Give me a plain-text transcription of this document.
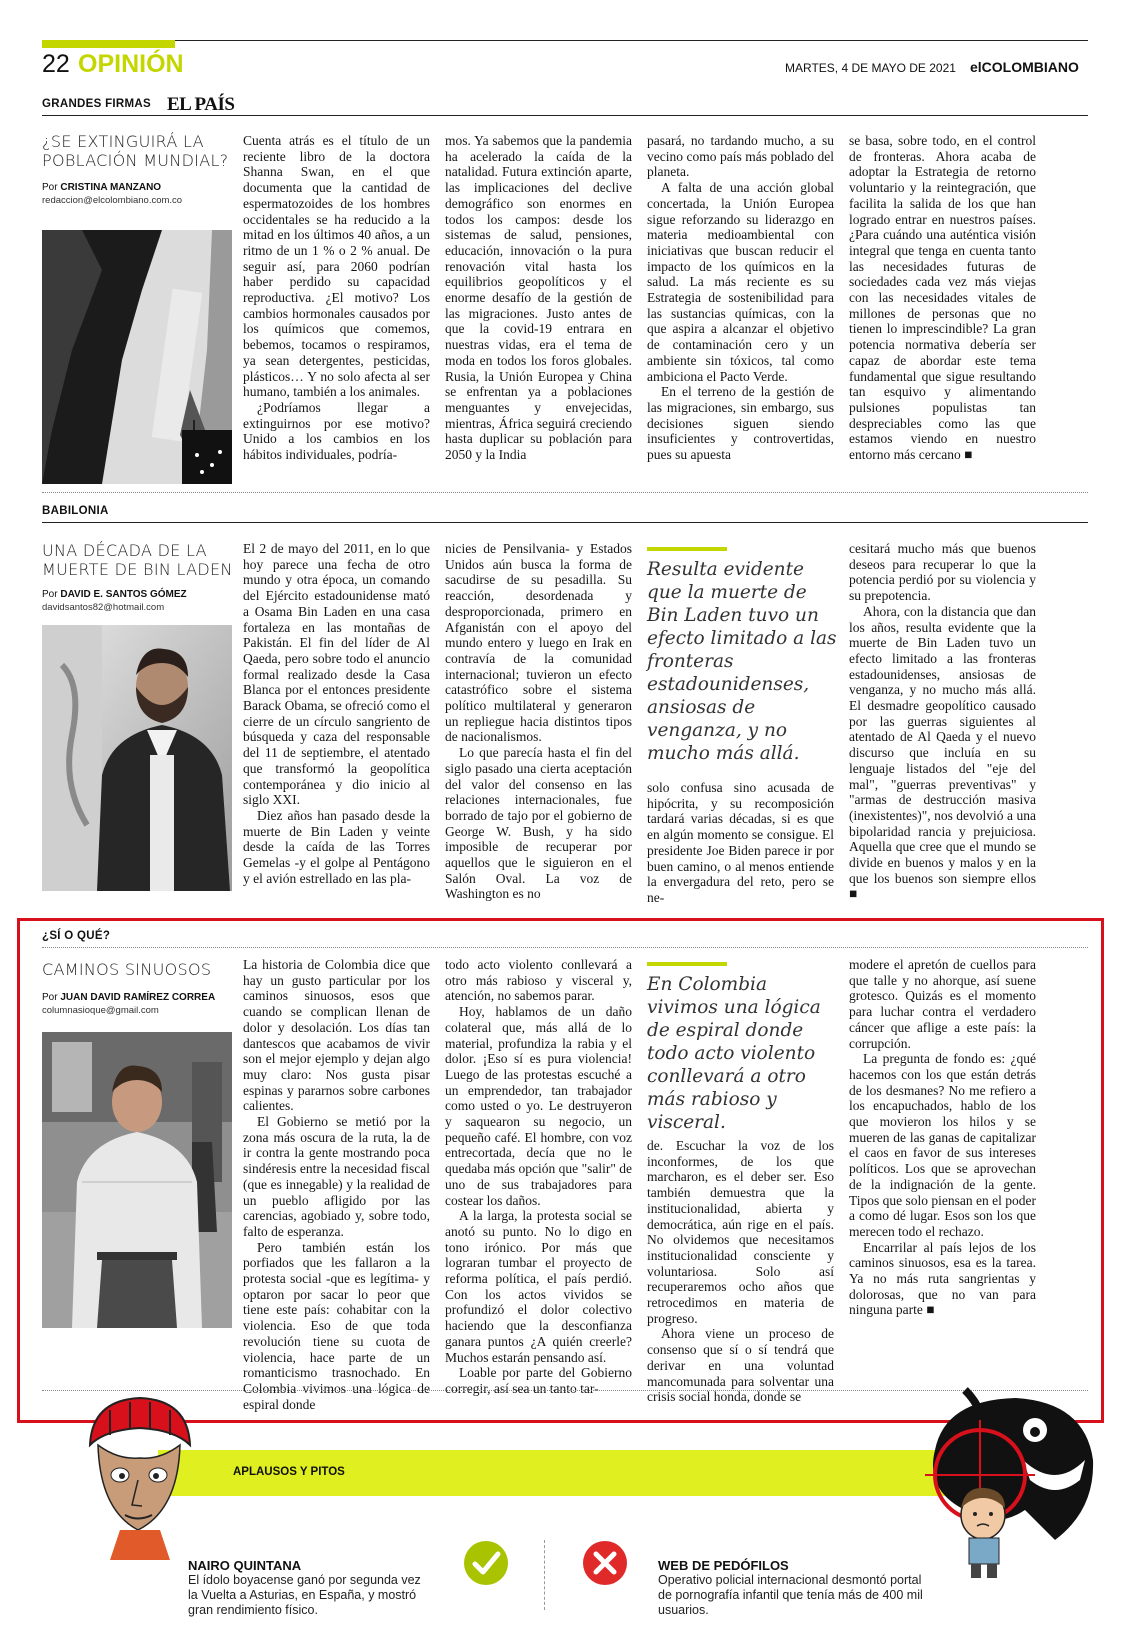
22 OPINIÓN	MARTES, 4 DE MAYO DE 2021 elCOLOMBIANO
GRANDES FIRMAS EL PAÍS
¿SE EXTINGUIRÁ LA
POBLACIÓN MUNDIAL?
Por CRISTINA MANZANO
redaccion@elcolombiano.com.co

Cuenta atrás es el título de un reciente libro de la doctora Shanna Swan, en el que documenta que la cantidad de espermatozoides de los hombres occidentales se ha reducido a la mitad en los últimos 40 años, a un ritmo de un 1 % o 2 % anual. De seguir así, para 2060 podrían haber perdido su capacidad reproductiva. ¿El motivo? Los cambios hormonales causados por los químicos que comemos, bebemos, tocamos o respiramos, ya sean detergentes, pesticidas, plásticos… Y no solo afecta al ser humano, también a los animales.

¿Podríamos llegar a extinguirnos por ese motivo? Unido a los cambios en los hábitos individuales, podría-

mos. Ya sabemos que la pandemia ha acelerado la caída de la natalidad. Futura extinción aparte, las implicaciones del declive demográfico son enormes en todos los campos: desde los sistemas de salud, pensiones, educación, innovación o la pura renovación vital hasta los equilibrios geopolíticos y el enorme desafío de la gestión de las migraciones. Justo antes de que la covid-19 entrara en nuestras vidas, era el tema de moda en todos los foros globales. Rusia, la Unión Europea y China se enfrentan ya a poblaciones menguantes y envejecidas, mientras, África seguirá creciendo hasta duplicar su población para 2050 y la India

pasará, no tardando mucho, a su vecino como país más poblado del planeta.

A falta de una acción global concertada, la Unión Europea sigue reforzando su liderazgo en materia medioambiental con iniciativas que buscan reducir el impacto de los químicos en la salud. La más reciente es su Estrategia de sostenibilidad para las sustancias químicas, con la que aspira a alcanzar el objetivo de contaminación cero y un ambiente sin tóxicos, tal como ambiciona el Pacto Verde.

En el terreno de la gestión de las migraciones, sin embargo, sus decisiones siguen siendo insuficientes y controvertidas, pues su apuesta

se basa, sobre todo, en el control de fronteras. Ahora acaba de adoptar la Estrategia de retorno voluntario y la reintegración, que facilita la salida de los que han logrado entrar en nuestros países. ¿Para cuándo una auténtica visión integral que tenga en cuenta tanto las necesidades futuras de sociedades cada vez más viejas con las necesidades vitales de millones de personas que no tienen lo imprescindible? La gran potencia normativa debería ser capaz de abordar este tema fundamental que sigue resultando tan esquivo y alimentando pulsiones populistas tan despreciables como las que estamos viendo en nuestro entorno más cercano ■

BABILONIA
UNA DÉCADA DE LA
MUERTE DE BIN LADEN
Por DAVID E. SANTOS GÓMEZ
davidsantos82@hotmail.com

El 2 de mayo del 2011, en lo que hoy parece una fecha de otro mundo y otra época, un comando del Ejército estadounidense mató a Osama Bin Laden en una casa fortaleza en las montañas de Pakistán. El fin del líder de Al Qaeda, pero sobre todo el anuncio formal realizado desde la Casa Blanca por el entonces presidente Barack Obama, se ofreció como el cierre de un círculo sangriento de búsqueda y caza del responsable del 11 de septiembre, el atentado que transformó la geopolítica contemporánea y dio inicio al siglo XXI.

Diez años han pasado desde la muerte de Bin Laden y veinte desde la caída de las Torres Gemelas -y el golpe al Pentágono y el avión estrellado en las pla-

nicies de Pensilvania- y Estados Unidos aún busca la forma de sacudirse de su pesadilla. Su reacción, desordenada y desproporcionada, primero en Afganistán con el apoyo del mundo entero y luego en Irak en contravía de la comunidad internacional; tuvieron un efecto catastrófico sobre el sistema político multilateral y generaron un repliegue hacia distintos tipos de nacionalismos.

Lo que parecía hasta el fin del siglo pasado una cierta aceptación del valor del consenso en las relaciones internacionales, fue borrado de tajo por el gobierno de George W. Bush, y ha sido imposible de recuperar por aquellos que le siguieron en el Salón Oval. La voz de Washington es no

Resulta evidente que la muerte de Bin Laden tuvo un efecto limitado a las fronteras estadounidenses, ansiosas de venganza, y no mucho más allá.

solo confusa sino acusada de hipócrita, y su recomposición tardará varias décadas, si es que en algún momento se consigue. El presidente Joe Biden parece ir por buen camino, o al menos entiende la envergadura del reto, pero se ne-

cesitará mucho más que buenos deseos para recuperar lo que la potencia perdió por su violencia y su prepotencia.

Ahora, con la distancia que dan los años, resulta evidente que la muerte de Bin Laden tuvo un efecto limitado a las fronteras estadounidenses, ansiosas de venganza, y no mucho más allá. El desmadre geopolítico causado por las guerras siguientes al atentado de Al Qaeda y el nuevo discurso que incluía en su lenguaje listados del "eje del mal", "guerras preventivas" y "armas de destrucción masiva (inexistentes)", nos devolvió a una bipolaridad rancia y prejuiciosa. Aquella que cree que el mundo se divide en buenos y malos y en la que los buenos son siempre ellos ■

¿SÍ O QUÉ?
CAMINOS SINUOSOS
Por JUAN DAVID RAMÍREZ CORREA
columnasioque@gmail.com

La historia de Colombia dice que hay un gusto particular por los caminos sinuosos, esos que cuando se complican llenan de dolor y desolación. Los días tan dantescos que acabamos de vivir son el mejor ejemplo y dejan algo muy claro: Nos gusta pisar espinas y pararnos sobre carbones calientes.

El Gobierno se metió por la zona más oscura de la ruta, la de ir contra la gente mostrando poca sindéresis entre la necesidad fiscal (que es innegable) y la realidad de un pueblo afligido por las carencias, agobiado y, sobre todo, falto de esperanza.

Pero también están los porfiados que les fallaron a la protesta social -que es legítima- y optaron por sacar lo peor que tiene este país: cohabitar con la violencia. Eso de que toda revolución tiene su cuota de violencia, hace parte de un romanticismo trasnochado. En Colombia vivimos una lógica de espiral donde

todo acto violento conllevará a otro más rabioso y visceral y, atención, no sabemos parar.

Hoy, hablamos de un daño colateral que, más allá de lo material, profundiza la rabia y el dolor. ¡Eso sí es pura violencia! Luego de las protestas escuché a un emprendedor, tan trabajador como usted o yo. Le destruyeron y saquearon su negocio, un pequeño café. El hombre, con voz entrecortada, decía que no le quedaba más opción que "salir" de uno de sus trabajadores para costear los daños.

A la larga, la protesta social se anotó su punto. No lo digo en tono irónico. Por más que lograran tumbar el proyecto de reforma política, el país perdió. Con los actos vividos se profundizó el dolor colectivo haciendo que la desconfianza ganara puntos ¿A quién creerle? Muchos estarán pensando así.

Loable por parte del Gobierno corregir, así sea un tanto tar-

En Colombia vivimos una lógica de espiral donde todo acto violento conllevará a otro más rabioso y visceral.

de. Escuchar la voz de los inconformes, de los que marcharon, es el deber ser. Eso también demuestra que la institucionalidad, abierta y democrática, aún rige en el país. No olvidemos que necesitamos institucionalidad consciente y voluntariosa. Solo así recuperaremos ocho años que retrocedimos en materia de progreso.

Ahora viene un proceso de consenso que sí o sí tendrá que derivar en una voluntad mancomunada para solventar una crisis social honda, donde se

modere el apretón de cuellos para que talle y no ahorque, así suene grotesco. Quizás es el momento para luchar contra el verdadero cáncer que aflige a este país: la corrupción.

La pregunta de fondo es: ¿qué hacemos con los que están detrás de los desmanes? No me refiero a los encapuchados, hablo de los que movieron los hilos y se mueren de las ganas de capitalizar el caos en favor de sus intereses políticos. Los que se aprovechan de la indignación de la gente. Tipos que solo piensan en el poder a como dé lugar. Esos son los que merecen todo el rechazo.

Encarrilar al país lejos de los caminos sinuosos, esa es la tarea. Ya no más ruta sangrientas y dolorosas, que no van para ninguna parte ■

APLAUSOS Y PITOS
NAIRO QUINTANA
El ídolo boyacense ganó por segunda vez la Vuelta a Asturias, en España, y mostró gran rendimiento físico.
WEB DE PEDÓFILOS
Operativo policial internacional desmontó portal de pornografía infantil que tenía más de 400 mil usuarios.
